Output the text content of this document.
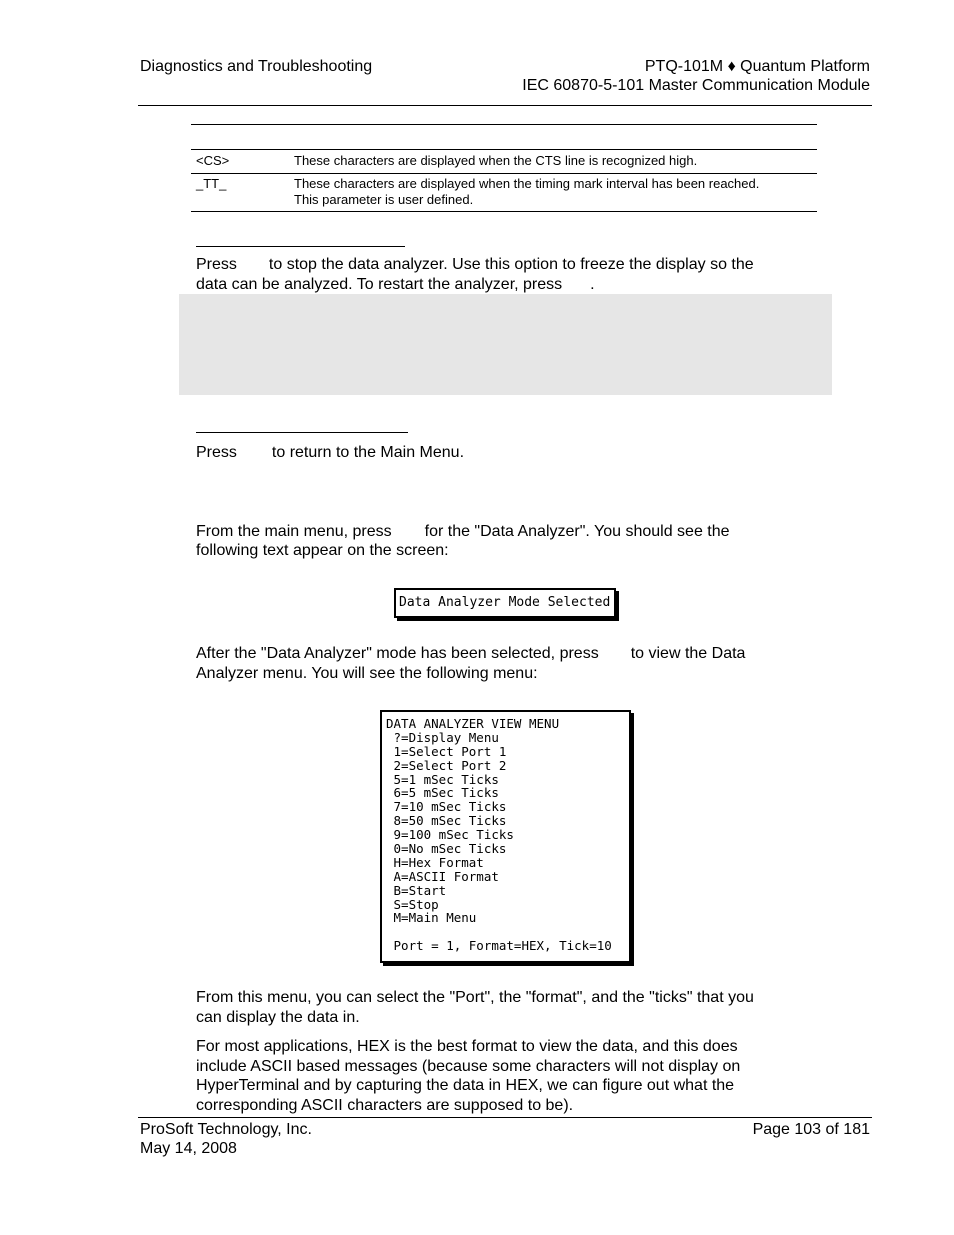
Diagnostics and Troubleshooting	PTQ-101M ♦ Quantum Platform
IEC 60870-5-101 Master Communication Module
<CS>	These characters are displayed when the CTS line is recognized high.
_TT_	These characters are displayed when the timing mark interval has been reached.
This parameter is user defined.
Press to stop the data analyzer. Use this option to freeze the display so the
data can be analyzed. To restart the analyzer, press .
Press to return to the Main Menu.
From the main menu, press for the "Data Analyzer". You should see the
following text appear on the screen:
Data Analyzer Mode Selected
After the "Data Analyzer" mode has been selected, press to view the Data
Analyzer menu. You will see the following menu:
DATA ANALYZER VIEW MENU
?=Display Menu
1=Select Port 1
2=Select Port 2
5=1 mSec Ticks
6=5 mSec Ticks
7=10 mSec Ticks
8=50 mSec Ticks
9=100 mSec Ticks
0=No mSec Ticks
H=Hex Format
A=ASCII Format
B=Start
S=Stop
M=Main Menu
Port = 1, Format=HEX, Tick=10
From this menu, you can select the "Port", the "format", and the "ticks" that you
can display the data in.
For most applications, HEX is the best format to view the data, and this does
include ASCII based messages (because some characters will not display on
HyperTerminal and by capturing the data in HEX, we can figure out what the
corresponding ASCII characters are supposed to be).
ProSoft Technology, Inc.
May 14, 2008
Page 103 of 181
